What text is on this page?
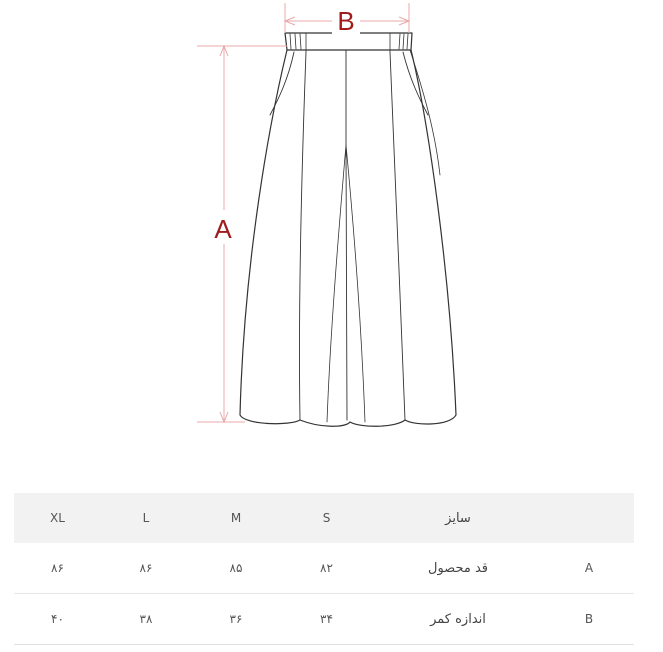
A
B
XL	L	M	S	سایز	
۸۶	۸۶	۸۵	۸۲	قد محصول	A
۴۰	۳۸	۳۶	۳۴	اندازه کمر	B
